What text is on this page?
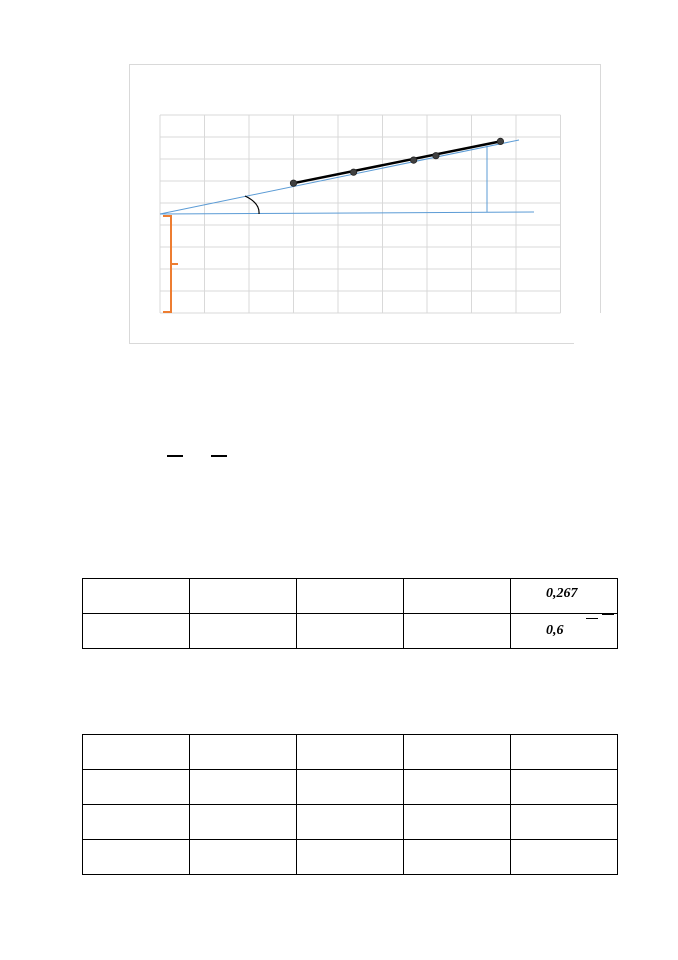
				0,267

				0,6
